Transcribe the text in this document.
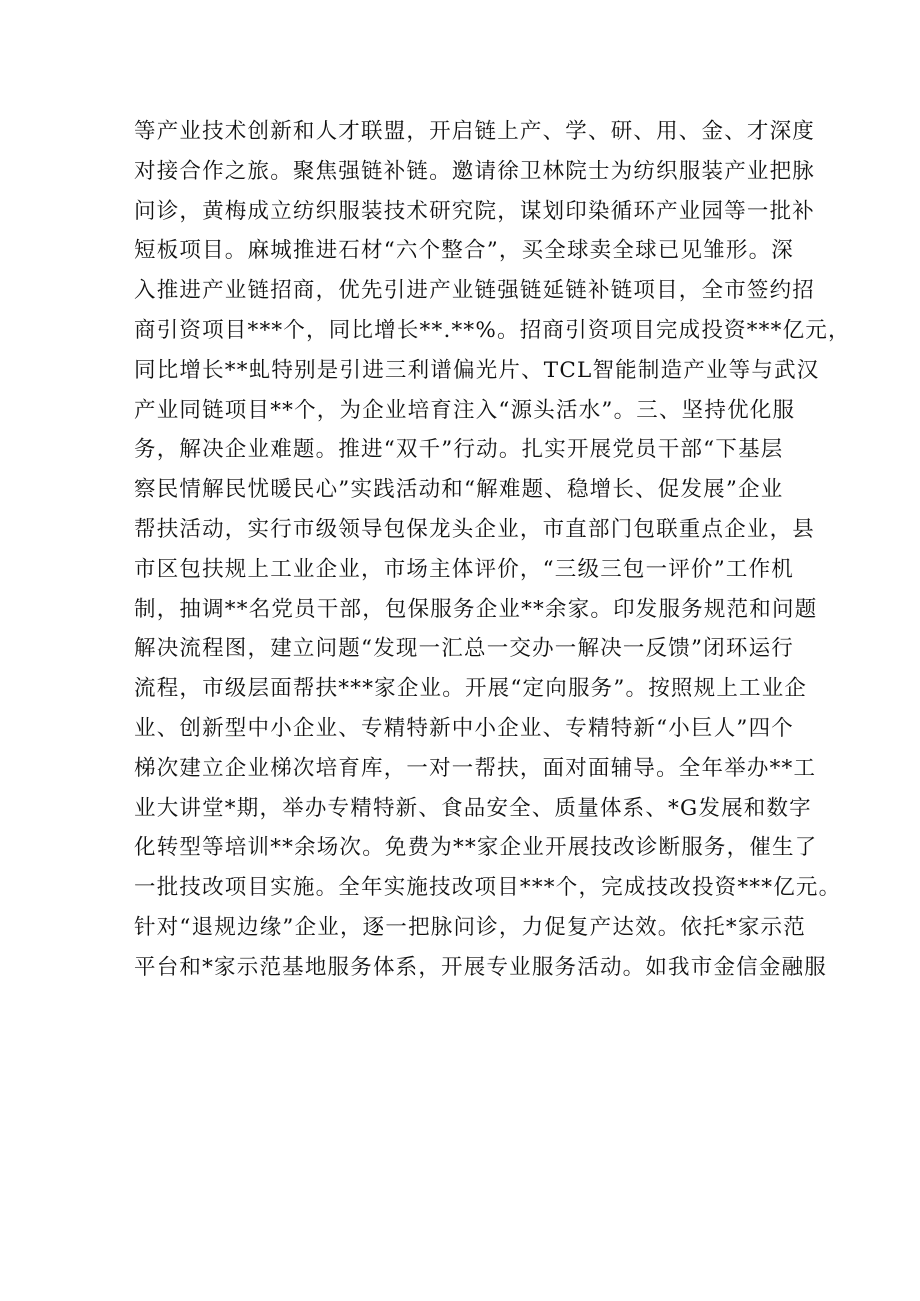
等产业技术创新和人才联盟，开启链上产、学、研、用、金、才深度
对接合作之旅。聚焦强链补链。邀请徐卫林院士为纺织服装产业把脉
问诊，黄梅成立纺织服装技术研究院，谋划印染循环产业园等一批补
短板项目。麻城推进石材“六个整合”，买全球卖全球已见雏形。深
入推进产业链招商，优先引进产业链强链延链补链项目，全市签约招
商引资项目***个，同比增长**.**%。招商引资项目完成投资***亿元，
同比增长**虬特别是引进三利谱偏光片、TCL智能制造产业等与武汉
产业同链项目**个，为企业培育注入“源头活水”。三、坚持优化服
务，解决企业难题。推进“双千”行动。扎实开展党员干部“下基层
察民情解民忧暖民心”实践活动和“解难题、稳增长、促发展”企业
帮扶活动，实行市级领导包保龙头企业，市直部门包联重点企业，县
市区包扶规上工业企业，市场主体评价，“三级三包一评价”工作机
制，抽调**名党员干部，包保服务企业**余家。印发服务规范和问题
解决流程图，建立问题“发现一汇总一交办一解决一反馈”闭环运行
流程，市级层面帮扶***家企业。开展“定向服务”。按照规上工业企
业、创新型中小企业、专精特新中小企业、专精特新“小巨人”四个
梯次建立企业梯次培育库，一对一帮扶，面对面辅导。全年举办**工
业大讲堂*期，举办专精特新、食品安全、质量体系、*G发展和数字
化转型等培训**余场次。免费为**家企业开展技改诊断服务，催生了
一批技改项目实施。全年实施技改项目***个，完成技改投资***亿元。
针对“退规边缘”企业，逐一把脉问诊，力促复产达效。依托*家示范
平台和*家示范基地服务体系，开展专业服务活动。如我市金信金融服
